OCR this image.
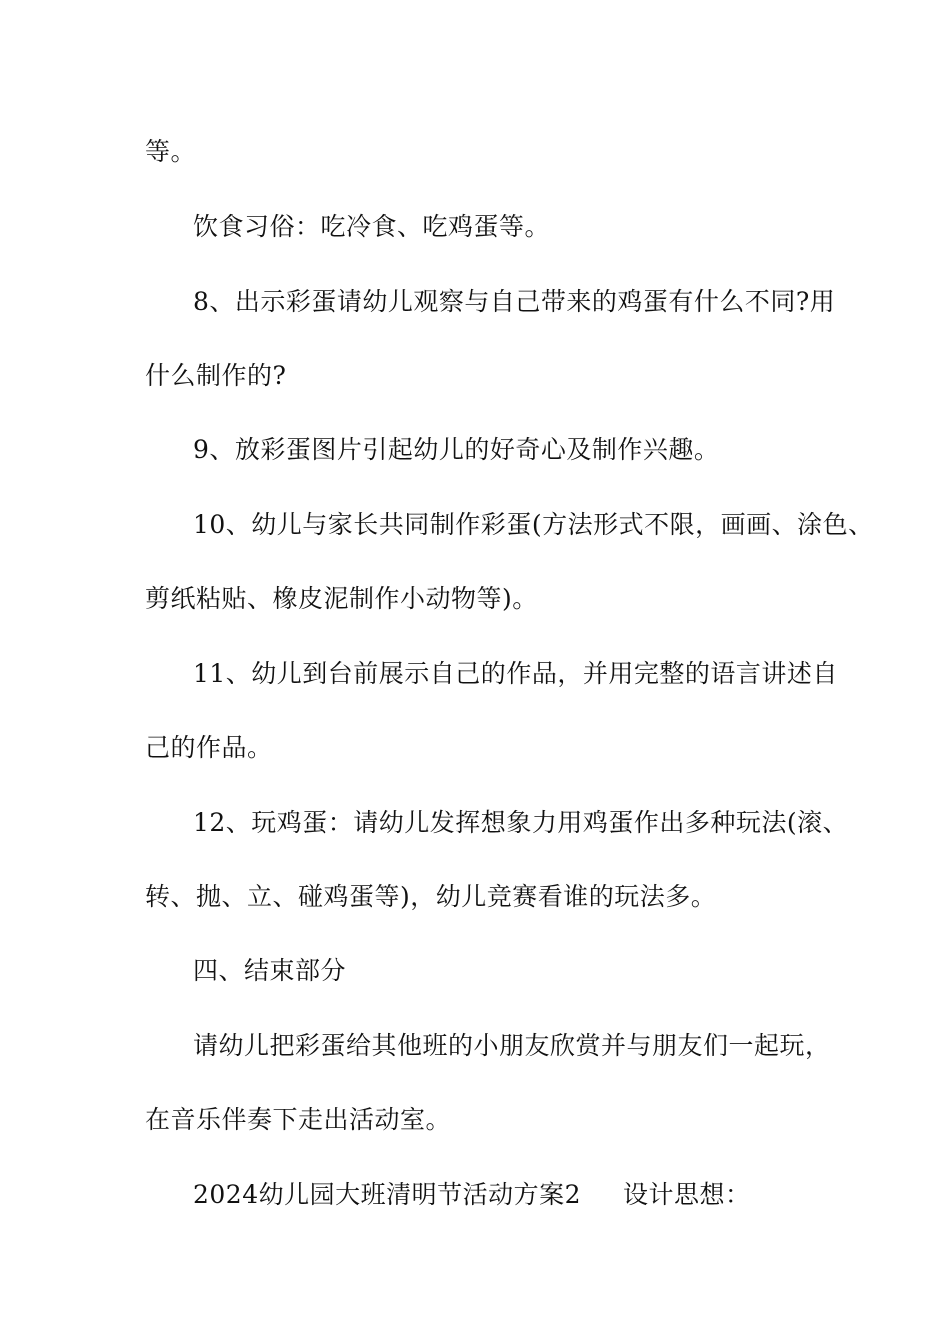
等。
饮食习俗：吃冷食、吃鸡蛋等。
8、出示彩蛋请幼儿观察与自己带来的鸡蛋有什么不同?用
什么制作的?
9、放彩蛋图片引起幼儿的好奇心及制作兴趣。
10、幼儿与家长共同制作彩蛋(方法形式不限，画画、涂色、
剪纸粘贴、橡皮泥制作小动物等)。
11、幼儿到台前展示自己的作品，并用完整的语言讲述自
己的作品。
12、玩鸡蛋：请幼儿发挥想象力用鸡蛋作出多种玩法(滚、
转、抛、立、碰鸡蛋等)，幼儿竞赛看谁的玩法多。
四、结束部分
请幼儿把彩蛋给其他班的小朋友欣赏并与朋友们一起玩，
在音乐伴奏下走出活动室。
2024幼儿园大班清明节活动方案2 设计思想：
